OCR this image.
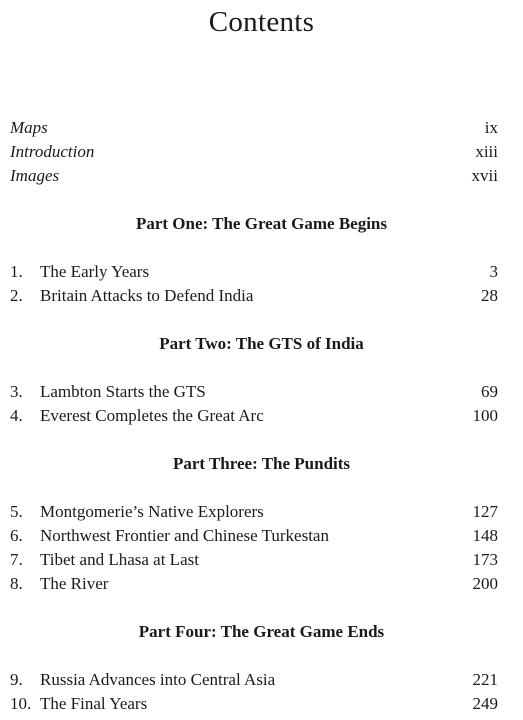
Contents
Maps	ix
Introduction	xiii
Images	xvii
Part One: The Great Game Begins
1. The Early Years	3
2. Britain Attacks to Defend India	28
Part Two: The GTS of India
3. Lambton Starts the GTS	69
4. Everest Completes the Great Arc	100
Part Three: The Pundits
5. Montgomerie’s Native Explorers	127
6. Northwest Frontier and Chinese Turkestan	148
7. Tibet and Lhasa at Last	173
8. The River	200
Part Four: The Great Game Ends
9. Russia Advances into Central Asia	221
10. The Final Years	249
